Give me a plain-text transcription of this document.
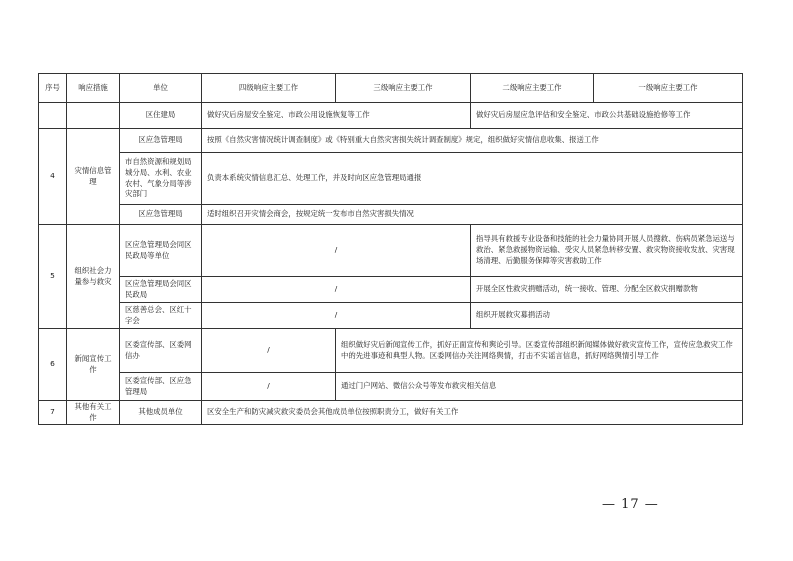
序号	响应措施	单位	四级响应主要工作	三级响应主要工作	二级响应主要工作	一级响应主要工作
		区住建局	做好灾后房屋安全鉴定、市政公用设施恢复等工作		做好灾后房屋应急评估和安全鉴定、市政公共基础设施抢修等工作	
4	灾情信息管理	区应急管理局	按照《自然灾害情况统计调查制度》或《特别重大自然灾害损失统计调查制度》规定，组织做好灾情信息收集、报送工作			
		市自然资源和规划局城分局、水利、农业农村、气象分局等涉灾部门	负责本系统灾情信息汇总、处理工作，并及时向区应急管理局通报			
		区应急管理局	适时组织召开灾情会商会，按规定统一发布市自然灾害损失情况			
5	组织社会力量参与救灾	区应急管理局会同区民政局等单位	/		指导具有救援专业设备和技能的社会力量协同开展人员搜救、伤病员紧急运送与救治、紧急救援物资运输、受灾人员紧急转移安置、救灾物资接收发放、灾害现场清理、后勤服务保障等灾害救助工作	
		区应急管理局会同区民政局	/		开展全区性救灾捐赠活动，统一接收、管理、分配全区救灾捐赠款物	
		区慈善总会、区红十字会	/		组织开展救灾募捐活动	
6	新闻宣传工作	区委宣传部、区委网信办	/	组织做好灾后新闻宣传工作，抓好正面宣传和舆论引导。区委宣传部组织新闻媒体做好救灾宣传工作，宣传应急救灾工作中的先进事迹和典型人物。区委网信办关注网络舆情，打击不实谣言信息，抓好网络舆情引导工作		
		区委宣传部、区应急管理局	/	通过门户网站、微信公众号等发布救灾相关信息		
7	其他有关工作	其他成员单位	区安全生产和防灾减灾救灾委员会其他成员单位按照职责分工，做好有关工作			
— 17 —
